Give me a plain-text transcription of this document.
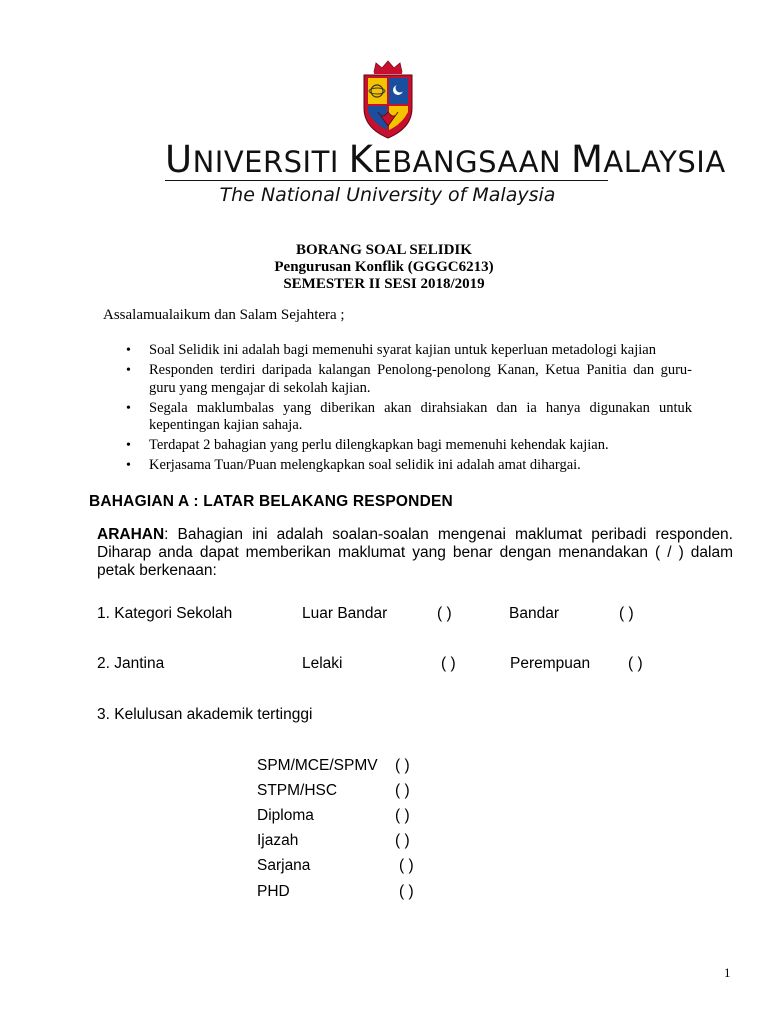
UNIVERSITI KEBANGSAAN MALAYSIA
The National University of Malaysia
BORANG SOAL SELIDIK
Pengurusan Konflik (GGGC6213)
SEMESTER II SESI 2018/2019
Assalamualaikum dan Salam Sejahtera ;
• Soal Selidik ini adalah bagi memenuhi syarat kajian untuk keperluan metadologi kajian
• Responden terdiri daripada kalangan Penolong-penolong Kanan, Ketua Panitia dan guru-guru yang mengajar di sekolah kajian.
• Segala maklumbalas yang diberikan akan dirahsiakan dan ia hanya digunakan untuk kepentingan kajian sahaja.
• Terdapat 2 bahagian yang perlu dilengkapkan bagi memenuhi kehendak kajian.
• Kerjasama Tuan/Puan melengkapkan soal selidik ini adalah amat dihargai.
BAHAGIAN A : LATAR BELAKANG RESPONDEN
ARAHAN: Bahagian ini adalah soalan-soalan mengenai maklumat peribadi responden. Diharap anda dapat memberikan maklumat yang benar dengan menandakan ( / ) dalam petak berkenaan:
1. Kategori Sekolah	Luar Bandar	( )	Bandar	( )
2. Jantina	Lelaki	( )	Perempuan ( )
3. Kelulusan akademik tertinggi
SPM/MCE/SPMV ( )
STPM/HSC	( )
Diploma	( )
Ijazah	( )
Sarjana	( )
PHD	( )
1
